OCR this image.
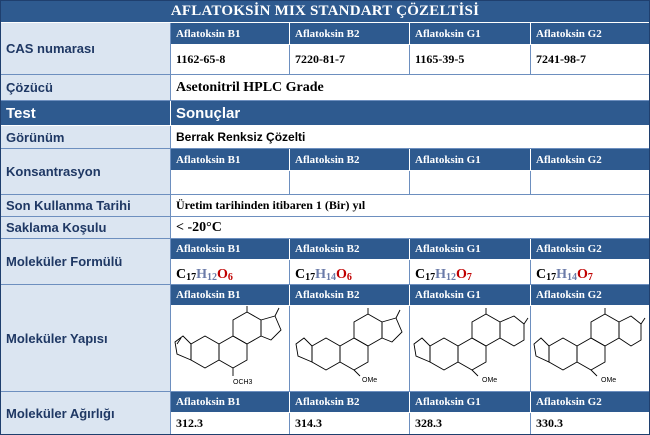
AFLATOKSİN MIX STANDART ÇÖZELTİSİ
CAS numarası
Aflatoksin B1	Aflatoksin B2	Aflatoksin G1	Aflatoksin G2
1162-65-8	7220-81-7	1165-39-5	7241-98-7
Çözücü	Asetonitril HPLC Grade
Test	Sonuçlar
Görünüm	Berrak Renksiz Çözelti
Konsantrasyon
Aflatoksin B1	Aflatoksin B2	Aflatoksin G1	Aflatoksin G2
Son Kullanma Tarihi	Üretim tarihinden itibaren 1 (Bir) yıl
Saklama Koşulu	< -20°C
Moleküler Formülü
Aflatoksin B1	Aflatoksin B2	Aflatoksin G1	Aflatoksin G2
C 17 H 12 O 6	C 17 H 14 O 6	C 17 H 12 O 7	C 17 H 14 O 7
Moleküler Yapısı
Aflatoksin B1	Aflatoksin B2	Aflatoksin G1	Aflatoksin G2
OCH3	OMe	OMe	OMe
Moleküler Ağırlığı
Aflatoksin B1	Aflatoksin B2	Aflatoksin G1	Aflatoksin G2
312.3	314.3	328.3	330.3
